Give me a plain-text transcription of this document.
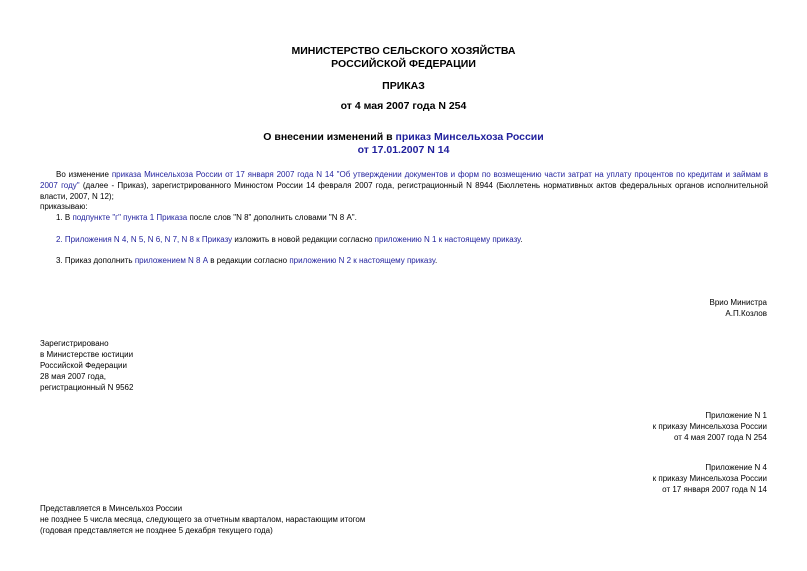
МИНИСТЕРСТВО СЕЛЬСКОГО ХОЗЯЙСТВА
РОССИЙСКОЙ ФЕДЕРАЦИИ
ПРИКАЗ
от 4 мая 2007 года N 254
О внесении изменений в приказ Минсельхоза России
от 17.01.2007 N 14
Во изменение приказа Минсельхоза России от 17 января 2007 года N 14 "Об утверждении документов и форм по возмещению части затрат на уплату процентов по кредитам и займам в 2007 году" (далее - Приказ), зарегистрированного Минюстом России 14 февраля 2007 года, регистрационный N 8944 (Бюллетень нормативных актов федеральных органов исполнительной власти, 2007, N 12);
приказываю:
1. В подпункте "г" пункта 1 Приказа после слов "N 8" дополнить словами "N 8 А".
2. Приложения N 4, N 5, N 6, N 7, N 8 к Приказу изложить в новой редакции согласно приложению N 1 к настоящему приказу.
3. Приказ дополнить приложением N 8 А в редакции согласно приложению N 2 к настоящему приказу.
Врио Министра
А.П.Козлов
Зарегистрировано
в Министерстве юстиции
Российской Федерации
28 мая 2007 года,
регистрационный N 9562
Приложение N 1
к приказу Минсельхоза России
от 4 мая 2007 года N 254
Приложение N 4
к приказу Минсельхоза России
от 17 января 2007 года N 14
Представляется в Минсельхоз России
не позднее 5 числа месяца, следующего за отчетным кварталом, нарастающим итогом
(годовая представляется не позднее 5 декабря текущего года)
